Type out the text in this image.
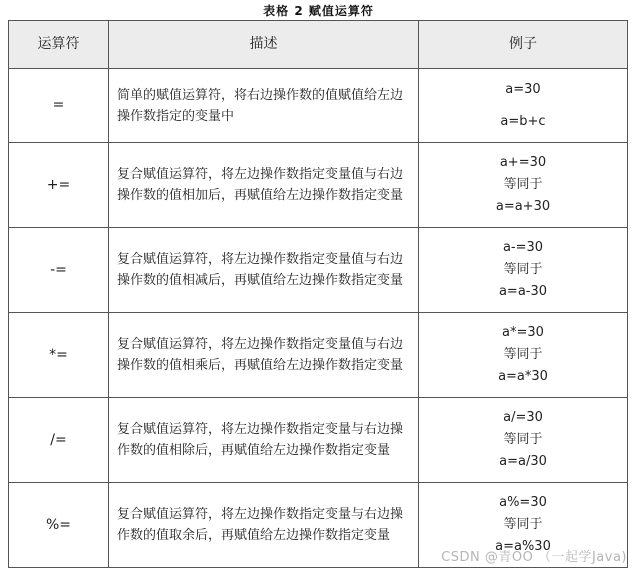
表格 2 赋值运算符
运算符	描述	例子
=	简单的赋值运算符，将右边操作数的值赋值给左边操作数指定的变量中	a=30
a=b+c

+=	复合赋值运算符，将左边操作数指定变量值与右边操作数的值相加后，再赋值给左边操作数指定变量	a+=30
等同于
a=a+30

-=	复合赋值运算符，将左边操作数指定变量值与右边操作数的值相减后，再赋值给左边操作数指定变量	a-=30
等同于
a=a-30

*=	复合赋值运算符，将左边操作数指定变量值与右边操作数的值相乘后，再赋值给左边操作数指定变量	a*=30
等同于
a=a*30

/=	复合赋值运算符，将左边操作数指定变量与右边操作数的值相除后，再赋值给左边操作数指定变量	a/=30
等同于
a=a/30

%=	复合赋值运算符，将左边操作数指定变量与右边操作数的值取余后，再赋值给左边操作数指定变量	a%=30
等同于
a=a%30
CSDN @青OO （一起学Java)
